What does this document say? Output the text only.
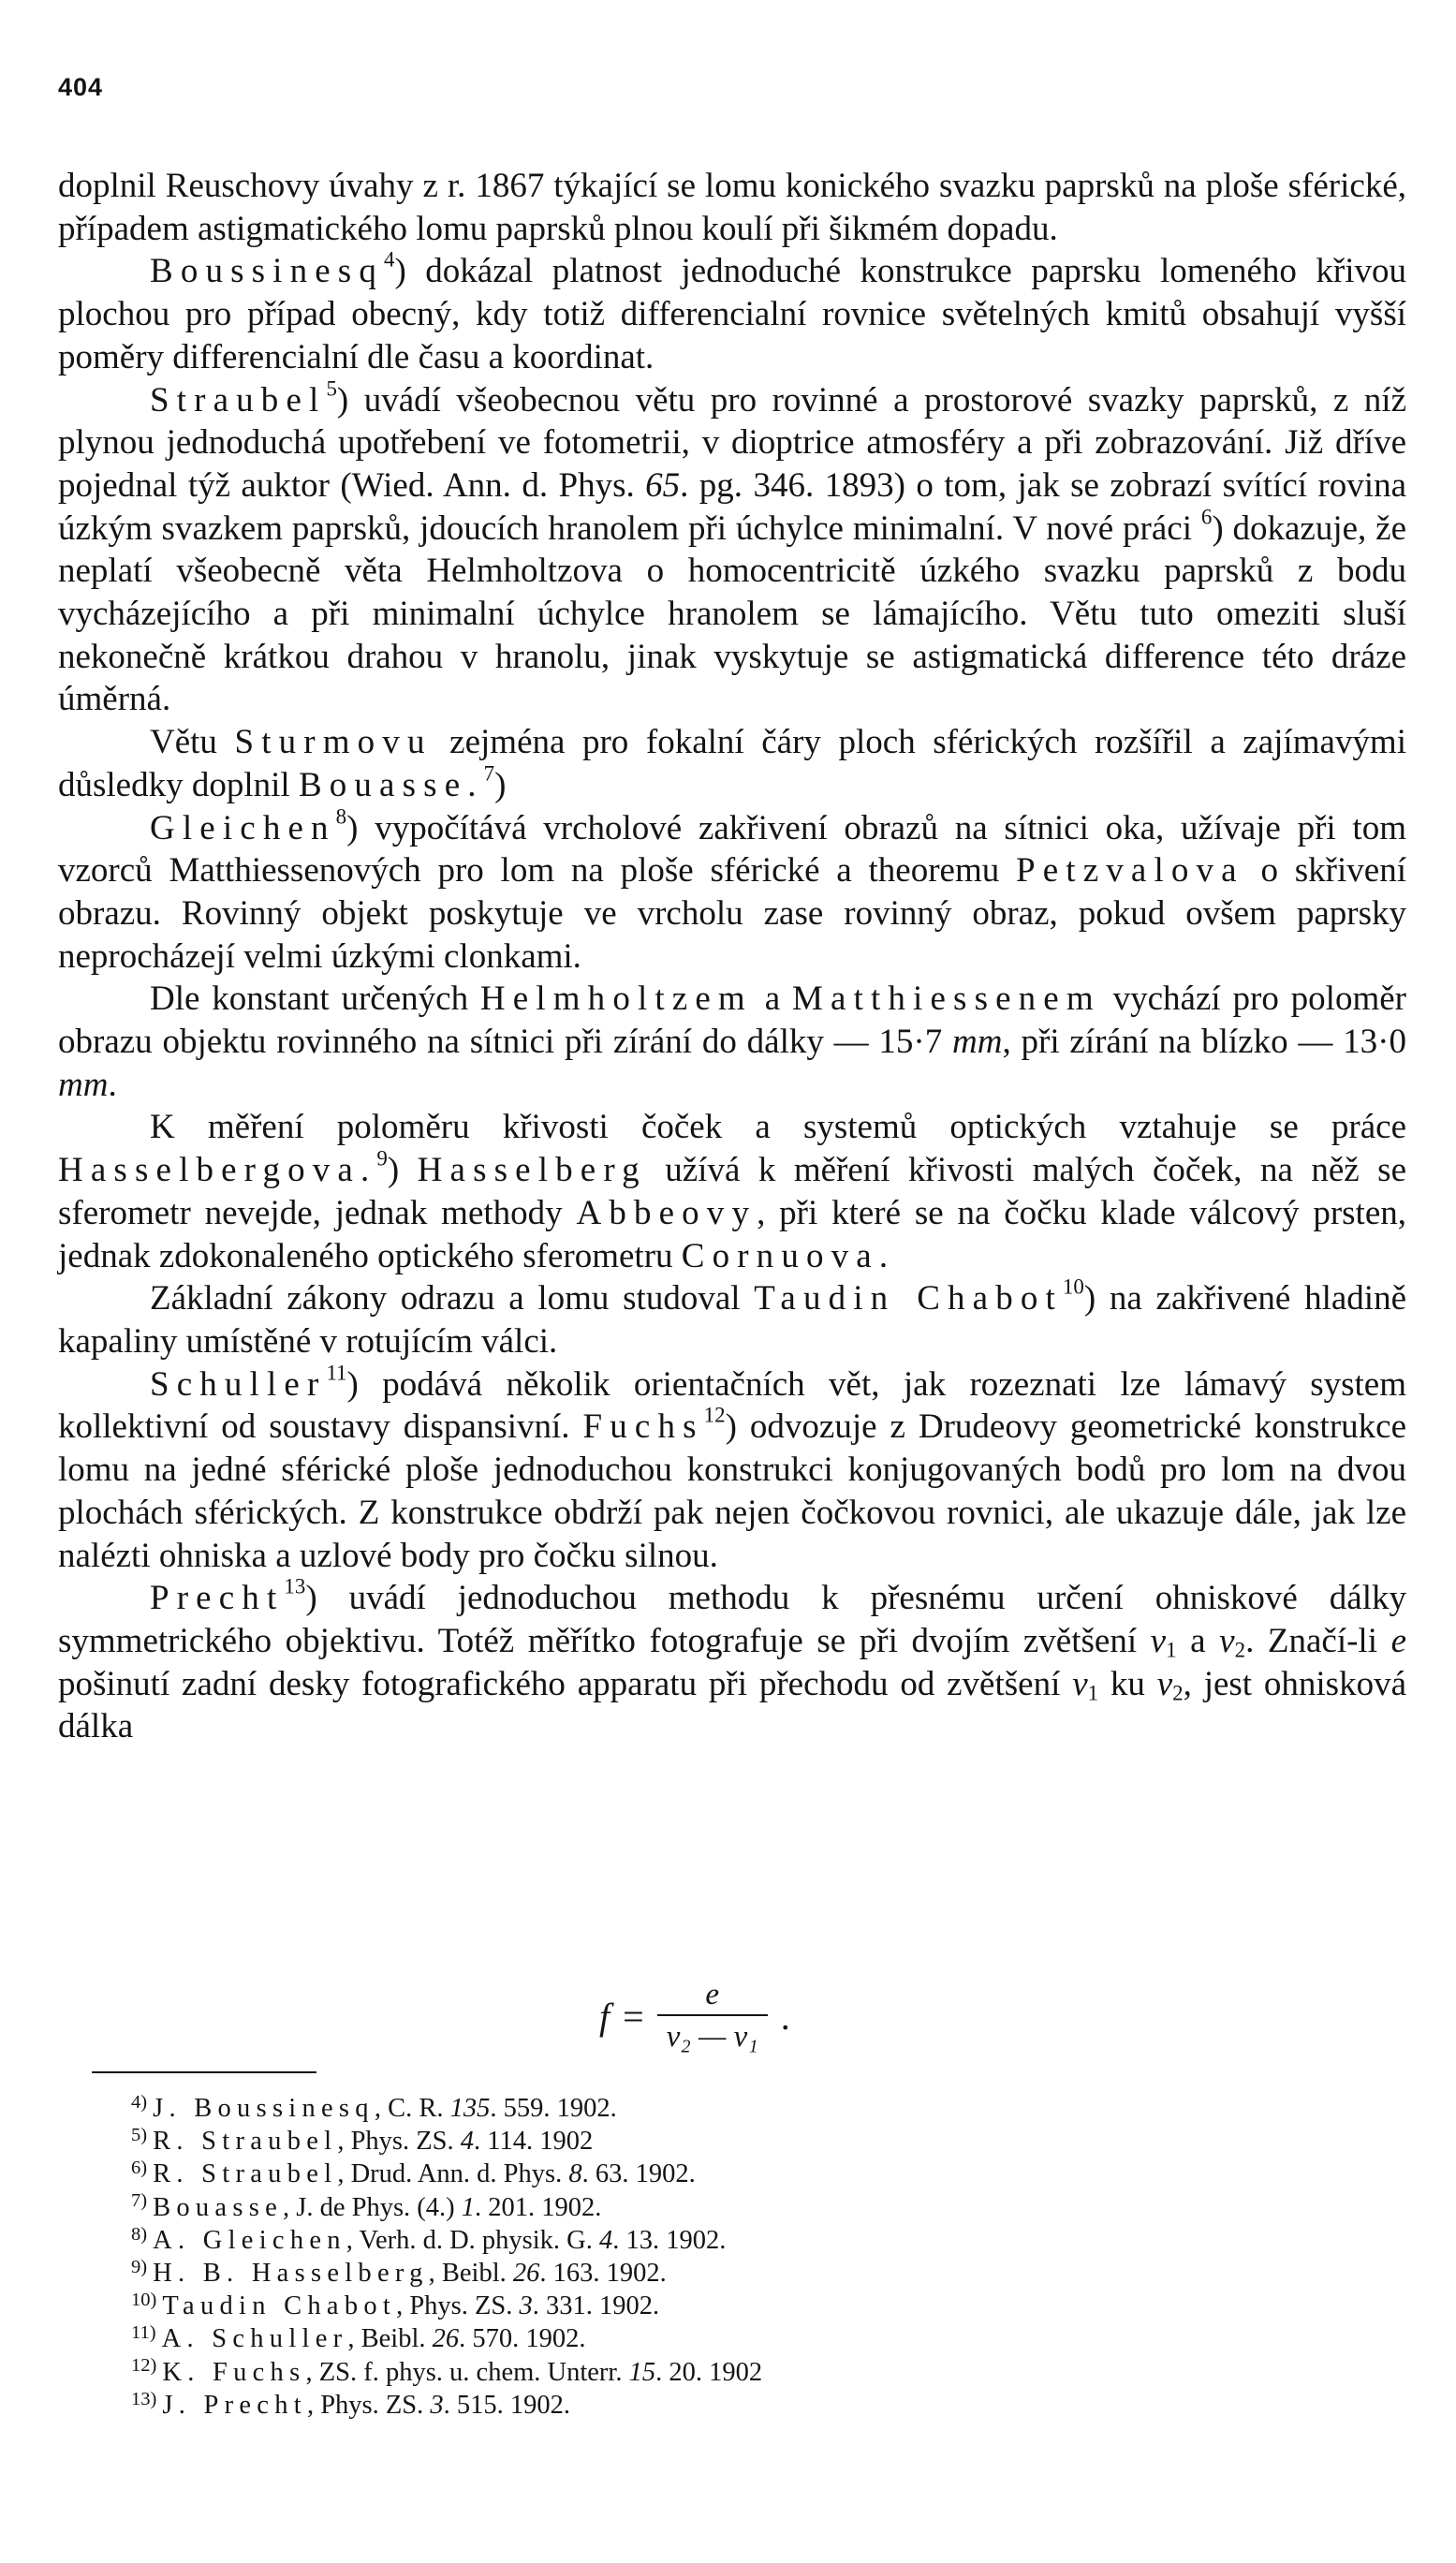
404

doplnil Reuschovy úvahy z r. 1867 týkající se lomu konického svazku paprsků na ploše sférické, případem astigmatického lomu paprsků plnou koulí při šikmém dopadu.

Boussinesq$^4$) dokázal platnost jednoduché konstrukce paprsku lomeného křivou plochou pro případ obecný, kdy totiž differencialní rovnice světelných kmitů obsahují vyšší poměry differencialní dle času a koordinat.

Straubel$^5$) uvádí všeobecnou větu pro rovinné a prostorové svazky paprsků, z níž plynou jednoduchá upotřebení ve fotometrii, v dioptrice atmosféry a při zobrazování. Již dříve pojednal týž auktor (Wied. Ann. d. Phys. 65. pg. 346. 1893) o tom, jak se zobrazí svítící rovina úzkým svazkem paprsků, jdoucích hranolem při úchylce minimalní. V nové práci $^6$) dokazuje, že neplatí všeobecně věta Helmholtzova o homocentricitě úzkého svazku paprsků z bodu vycházejícího a při minimalní úchylce hranolem se lámajícího. Větu tuto omeziti sluší nekonečně krátkou drahou v hranolu, jinak vyskytuje se astigmatická difference této dráze úměrná.

Větu Sturmovu zejména pro fokalní čáry ploch sférických rozšířil a zajímavými důsledky doplnil Bouasse.$^7$)

Gleichen$^8$) vypočítává vrcholové zakřivení obrazů na sítnici oka, užívaje při tom vzorců Matthiessenových pro lom na ploše sférické a theoremu Petzvalova o skřivení obrazu. Rovinný objekt poskytuje ve vrcholu zase rovinný obraz, pokud ovšem paprsky neprocházejí velmi úzkými clonkami.

Dle konstant určených Helmholtzem a Matthiessenem vychází pro poloměr obrazu objektu rovinného na sítnici při zírání do dálky — 15·7 mm, při zírání na blízko — 13·0 mm.

K měření poloměru křivosti čoček a systemů optických vztahuje se práce Hasselbergova.$^9$) Hasselberg užívá k měření křivosti malých čoček, na něž se sferometr nevejde, jednak methody Abbeovy, při které se na čočku klade válcový prsten, jednak zdokonaleného optického sferometru Cornuova.

Základní zákony odrazu a lomu studoval Taudin Chabot$^{10}$) na zakřivené hladině kapaliny umístěné v rotujícím válci.

Schuller$^{11}$) podává několik orientačních vět, jak rozeznati lze lámavý system kollektivní od soustavy dispansivní. Fuchs$^{12}$) odvozuje z Drudeovy geometrické konstrukce lomu na jedné sférické ploše jednoduchou konstrukci konjugovaných bodů pro lom na dvou plochách sférických. Z konstrukce obdrží pak nejen čočkovou rovnici, ale ukazuje dále, jak lze nalézti ohniska a uzlové body pro čočku silnou.

Precht$^{13}$) uvádí jednoduchou methodu k přesnému určení ohniskové dálky symmetrického objektivu. Totéž měřítko fotografuje se při dvojím zvětšení $v_1$ a $v_2$. Značí-li e pošinutí zadní desky fotografického apparatu při přechodu od zvětšení $v_1$ ku $v_2$, jest ohnisková dálka

$f = \frac{e}{\text{v₂ — v₁}}$ .
$^{4)}$ J. Boussinesq, C. R. 135. 559. 1902.
$^{5)}$ R. Straubel, Phys. ZS. 4. 114. 1902
$^{6)}$ R. Straubel, Drud. Ann. d. Phys. 8. 63. 1902.
$^{7)}$ Bouasse, J. de Phys. (4.) 1. 201. 1902.
$^{8)}$ A. Gleichen, Verh. d. D. physik. G. 4. 13. 1902.
$^{9)}$ H. B. Hasselberg, Beibl. 26. 163. 1902.
$^{10)}$ Taudin Chabot, Phys. ZS. 3. 331. 1902.
$^{11)}$ A. Schuller, Beibl. 26. 570. 1902.
$^{12)}$ K. Fuchs, ZS. f. phys. u. chem. Unterr. 15. 20. 1902
$^{13)}$ J. Precht, Phys. ZS. 3. 515. 1902.
